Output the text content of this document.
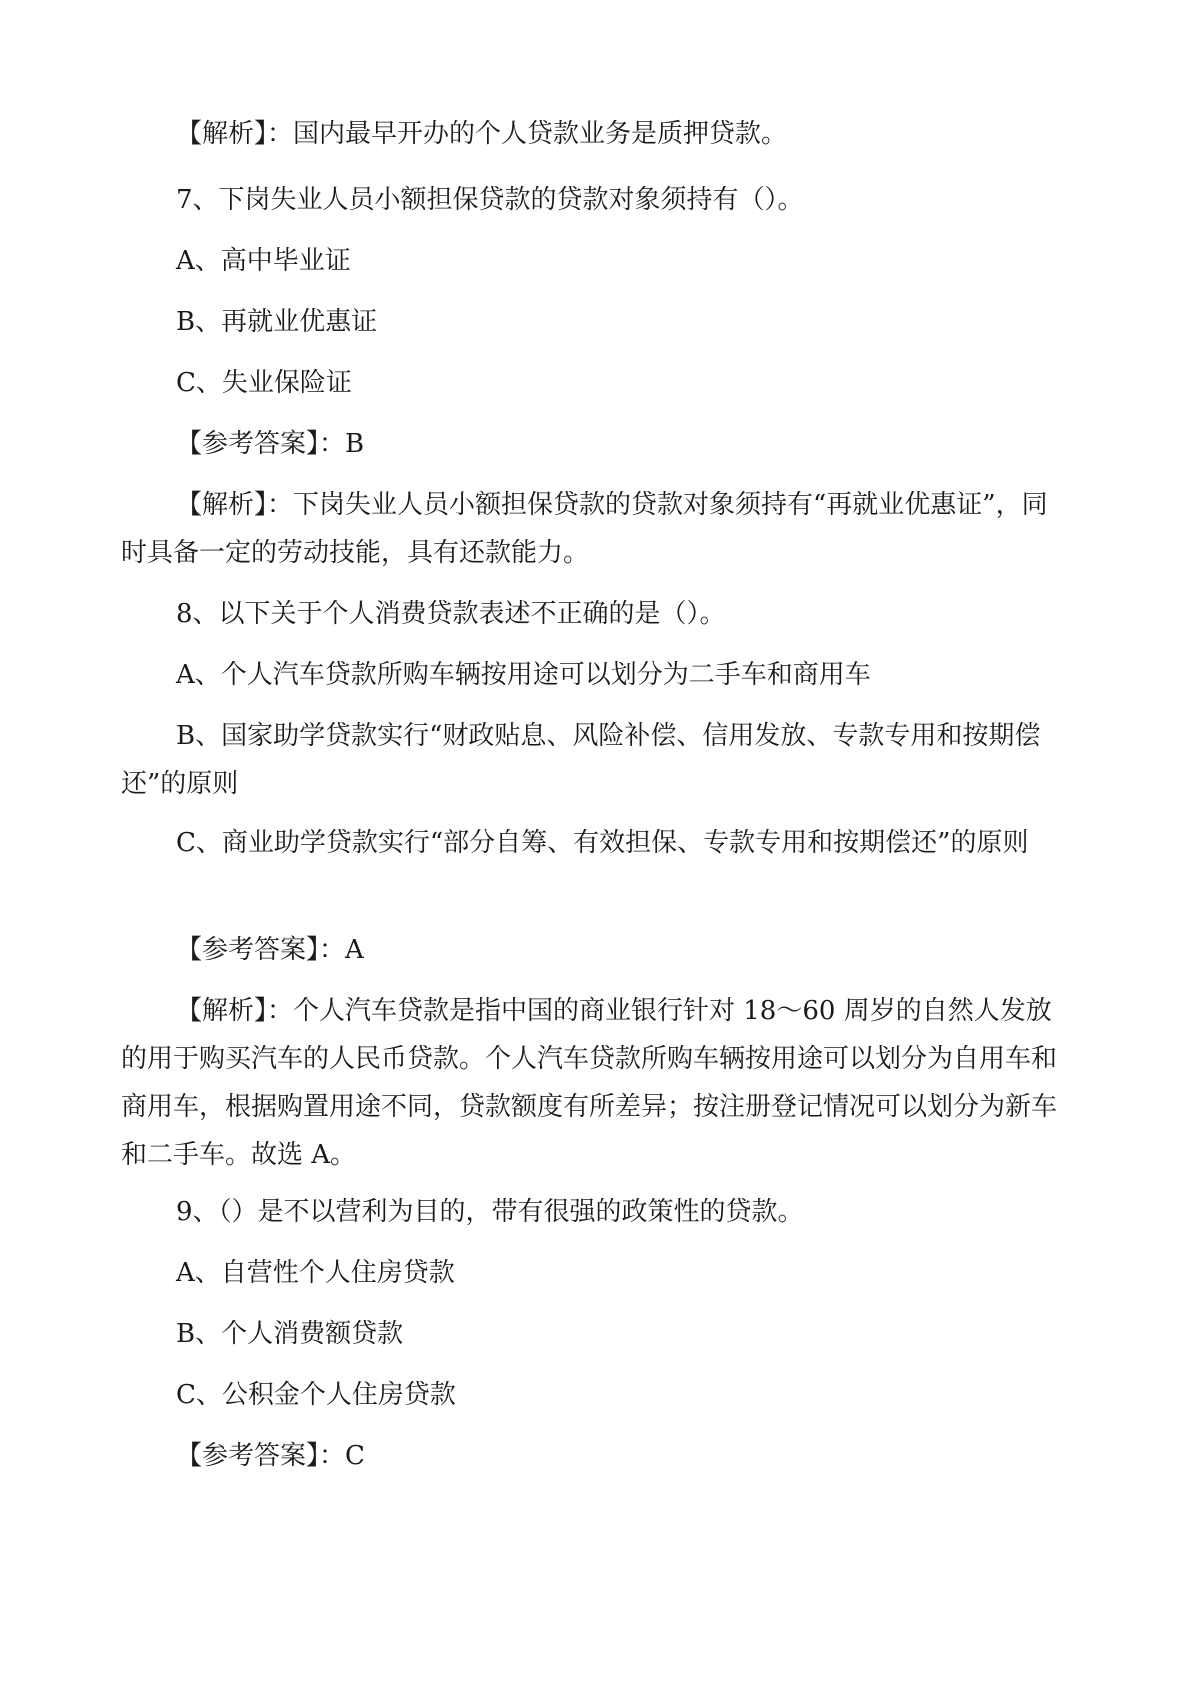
【解析】：国内最早开办的个人贷款业务是质押贷款。
7、下岗失业人员小额担保贷款的贷款对象须持有（）。
A、高中毕业证
B、再就业优惠证
C、失业保险证
【参考答案】：B
【解析】：下岗失业人员小额担保贷款的贷款对象须持有“再就业优惠证”，同时具备一定的劳动技能，具有还款能力。
8、以下关于个人消费贷款表述不正确的是（）。
A、个人汽车贷款所购车辆按用途可以划分为二手车和商用车
B、国家助学贷款实行“财政贴息、风险补偿、信用发放、专款专用和按期偿还”的原则
C、商业助学贷款实行“部分自筹、有效担保、专款专用和按期偿还”的原则
【参考答案】：A
【解析】：个人汽车贷款是指中国的商业银行针对 18～60 周岁的自然人发放的用于购买汽车的人民币贷款。个人汽车贷款所购车辆按用途可以划分为自用车和商用车，根据购置用途不同，贷款额度有所差异；按注册登记情况可以划分为新车和二手车。故选 A。
9、（）是不以营利为目的，带有很强的政策性的贷款。
A、自营性个人住房贷款
B、个人消费额贷款
C、公积金个人住房贷款
【参考答案】：C
